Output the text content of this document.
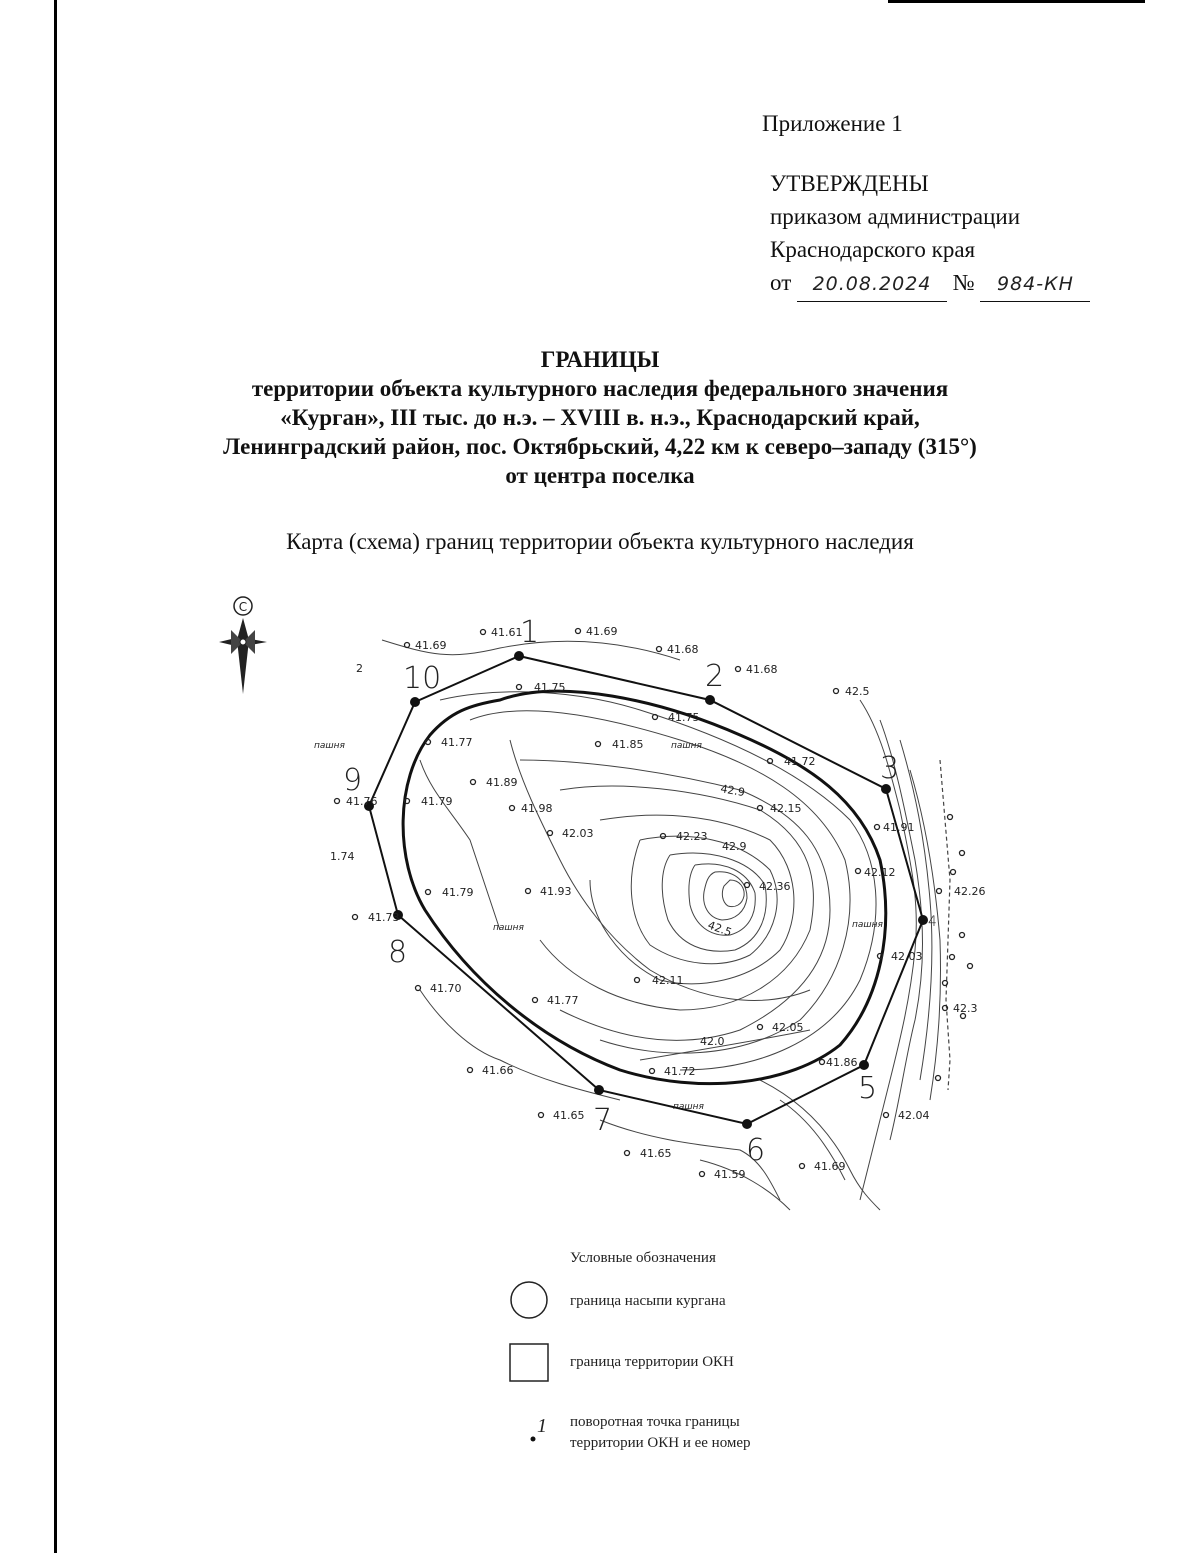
Приложение 1
УТВЕРЖДЕНЫ
приказом администрации
Краснодарского края
от 20.08.2024 № 984-КН
ГРАНИЦЫ
территории объекта культурного наследия федерального значения
«Курган», III тыс. до н.э. – XVIII в. н.э., Краснодарский край,
Ленинградский район, пос. Октябрьский, 4,22 км к северо–западу (315°)
от центра поселка
Карта (схема) границ территории объекта культурного наследия
С
1
2
3
4
5
6
7
8
9
10
41.69
41.61	41.69
41.68
41.68
41.75
41.75
41.85
41.72
41.77
41.89
41.98
42.03
42.15
42.23
41.76	41.79
41.79	41.93	42.36
41.91
42.12
42.26
41.73
41.70
42.03
42.11
41.77
42.05
42.3
41.66	41.72
41.86
41.65	42.04
41.65
41.59
41.69
42.0
42.5
42.9
42.9
42.5
пашня	пашня
пашня	пашня
пашня
1.74
2
Условные обозначения
граница насыпи кургана
граница территории ОКН
1 поворотная точка границы
территории ОКН и ее номер
